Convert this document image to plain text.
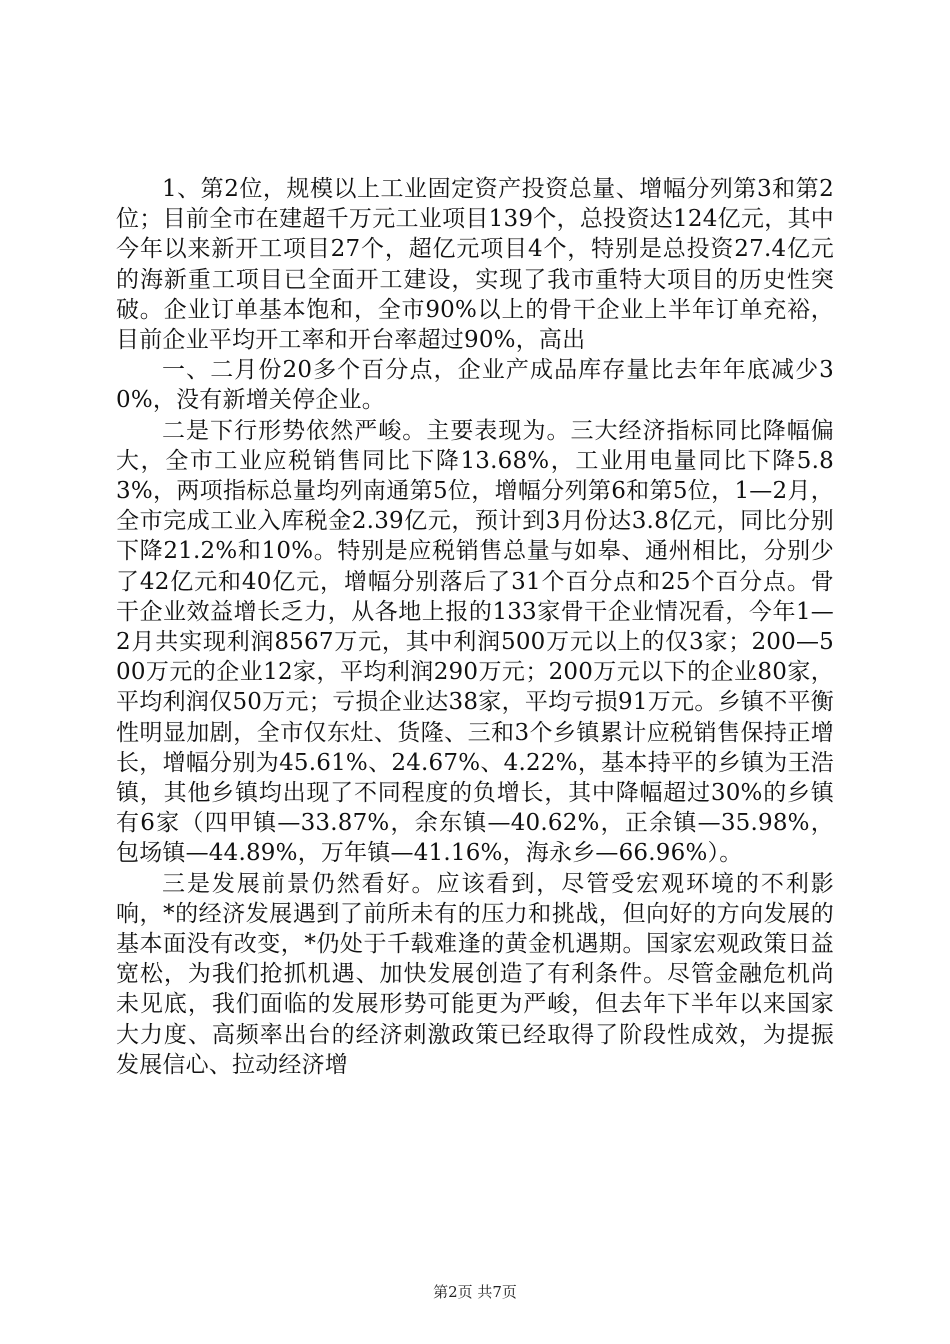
1、第2位，规模以上工业固定资产投资总量、增幅分列第3和第2位；目前全市在建超千万元工业项目139个，总投资达124亿元，其中今年以来新开工项目27个，超亿元项目4个，特别是总投资27.4亿元的海新重工项目已全面开工建设，实现了我市重特大项目的历史性突破。企业订单基本饱和，全市90%以上的骨干企业上半年订单充裕，目前企业平均开工率和开台率超过90%，高出

一、二月份20多个百分点，企业产成品库存量比去年年底减少30%，没有新增关停企业。

二是下行形势依然严峻。主要表现为。三大经济指标同比降幅偏大，全市工业应税销售同比下降13.68%，工业用电量同比下降5.83%，两项指标总量均列南通第5位，增幅分列第6和第5位，1—2月，全市完成工业入库税金2.39亿元，预计到3月份达3.8亿元，同比分别下降21.2%和10%。特别是应税销售总量与如皋、通州相比，分别少了42亿元和40亿元，增幅分别落后了31个百分点和25个百分点。骨干企业效益增长乏力，从各地上报的133家骨干企业情况看，今年1—2月共实现利润8567万元，其中利润500万元以上的仅3家；200—500万元的企业12家，平均利润290万元；200万元以下的企业80家，平均利润仅50万元；亏损企业达38家，平均亏损91万元。乡镇不平衡性明显加剧，全市仅东灶、货隆、三和3个乡镇累计应税销售保持正增长，增幅分别为45.61%、24.67%、4.22%，基本持平的乡镇为王浩镇，其他乡镇均出现了不同程度的负增长，其中降幅超过30%的乡镇有6家（四甲镇—33.87%，余东镇—40.62%，正余镇—35.98%，包场镇—44.89%，万年镇—41.16%，海永乡—66.96%）。

三是发展前景仍然看好。应该看到，尽管受宏观环境的不利影响，*的经济发展遇到了前所未有的压力和挑战，但向好的方向发展的基本面没有改变，*仍处于千载难逢的黄金机遇期。国家宏观政策日益宽松，为我们抢抓机遇、加快发展创造了有利条件。尽管金融危机尚未见底，我们面临的发展形势可能更为严峻，但去年下半年以来国家大力度、高频率出台的经济刺激政策已经取得了阶段性成效，为提振发展信心、拉动经济增

第2页 共7页
